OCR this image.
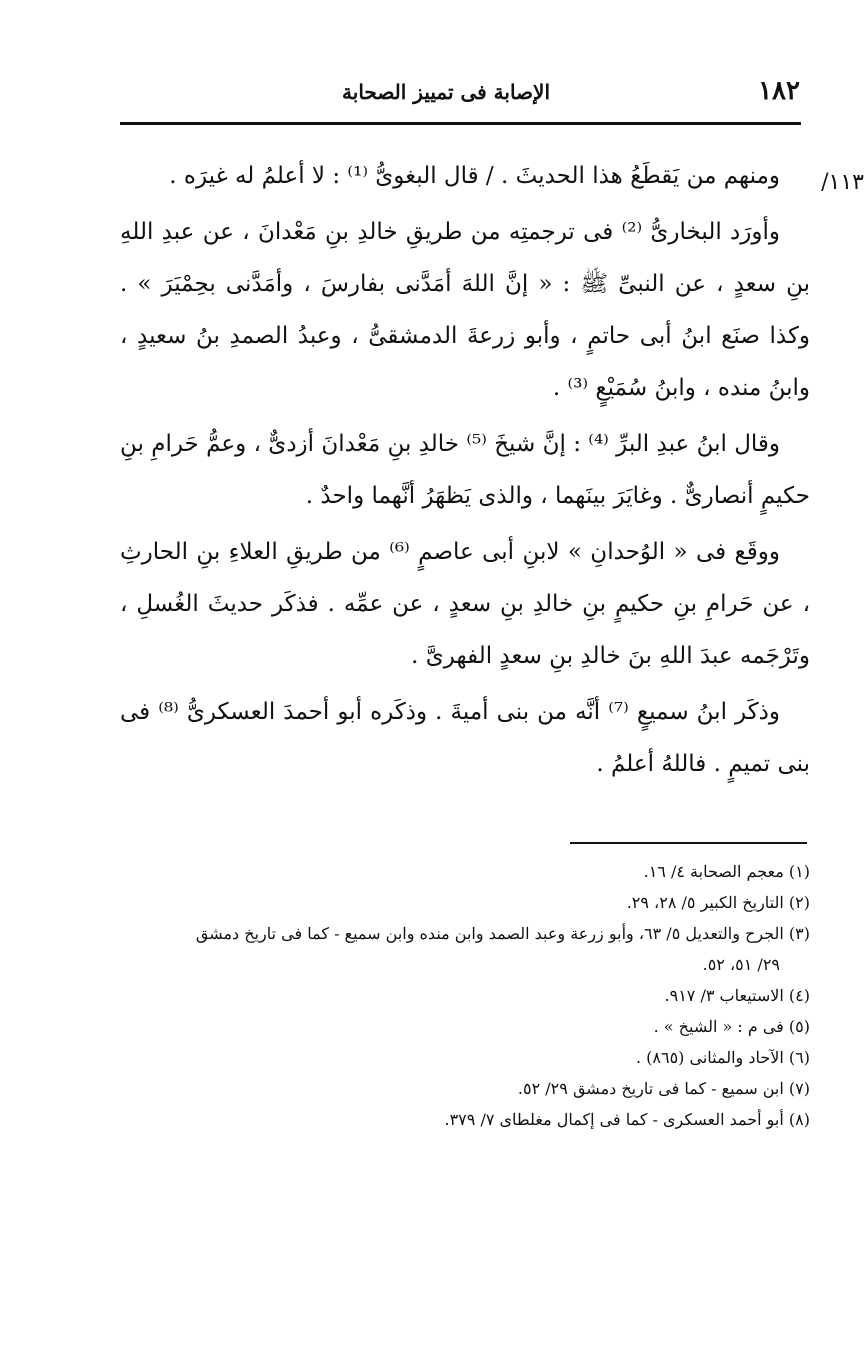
١٨٢
الإصابة فى تمييز الصحابة
١١٣/

ومنهم من يَقطَعُ هذا الحديثَ . / قال البغوىُّ ⁽¹⁾ : لا أعلمُ له غيرَه .

وأورَد البخارىُّ ⁽²⁾ فى ترجمتِه من طريقِ خالدِ بنِ مَعْدانَ ، عن عبدِ اللهِ بنِ سعدٍ ، عن النبىِّ ﷺ : « إنَّ اللهَ أمَدَّنى بفارسَ ، وأمَدَّنى بحِمْيَرَ » . وكذا صنَع ابنُ أبى حاتمٍ ، وأبو زرعةَ الدمشقىُّ ، وعبدُ الصمدِ بنُ سعيدٍ ، وابنُ منده ، وابنُ سُمَيْعٍ ⁽³⁾ .

وقال ابنُ عبدِ البرِّ ⁽⁴⁾ : إنَّ شيخَ ⁽⁵⁾ خالدِ بنِ مَعْدانَ أزدىٌّ ، وعمُّ حَرامِ بنِ حكيمٍ أنصارىٌّ . وغايَرَ بينَهما ، والذى يَظهَرُ أنَّهما واحدٌ .

ووقَع فى « الوُحدانِ » لابنِ أبى عاصمٍ ⁽⁶⁾ من طريقِ العلاءِ بنِ الحارثِ ، عن حَرامِ بنِ حكيمٍ بنِ خالدِ بنِ سعدٍ ، عن عمِّه . فذكَر حديثَ الغُسلِ ، وتَرْجَمه عبدَ اللهِ بنَ خالدِ بنِ سعدٍ الفهرىَّ .

وذكَر ابنُ سميعٍ ⁽⁷⁾ أنَّه من بنى أميةَ . وذكَره أبو أحمدَ العسكرىُّ ⁽⁸⁾ فى بنى تميمٍ . فاللهُ أعلمُ .

(١) معجم الصحابة ٤/ ١٦.

(٢) التاريخ الكبير ٥/ ٢٨، ٢٩.

(٣) الجرح والتعديل ٥/ ٦٣، وأبو زرعة وعبد الصمد وابن منده وابن سميع - كما فى تاريخ دمشق

٢٩/ ٥١، ٥٢.

(٤) الاستيعاب ٣/ ٩١٧.

(٥) فى م : « الشيخ » .

(٦) الآحاد والمثانى (٨٦٥) .

(٧) ابن سميع - كما فى تاريخ دمشق ٢٩/ ٥٢.

(٨) أبو أحمد العسكرى - كما فى إكمال مغلطاى ٧/ ٣٧٩.
